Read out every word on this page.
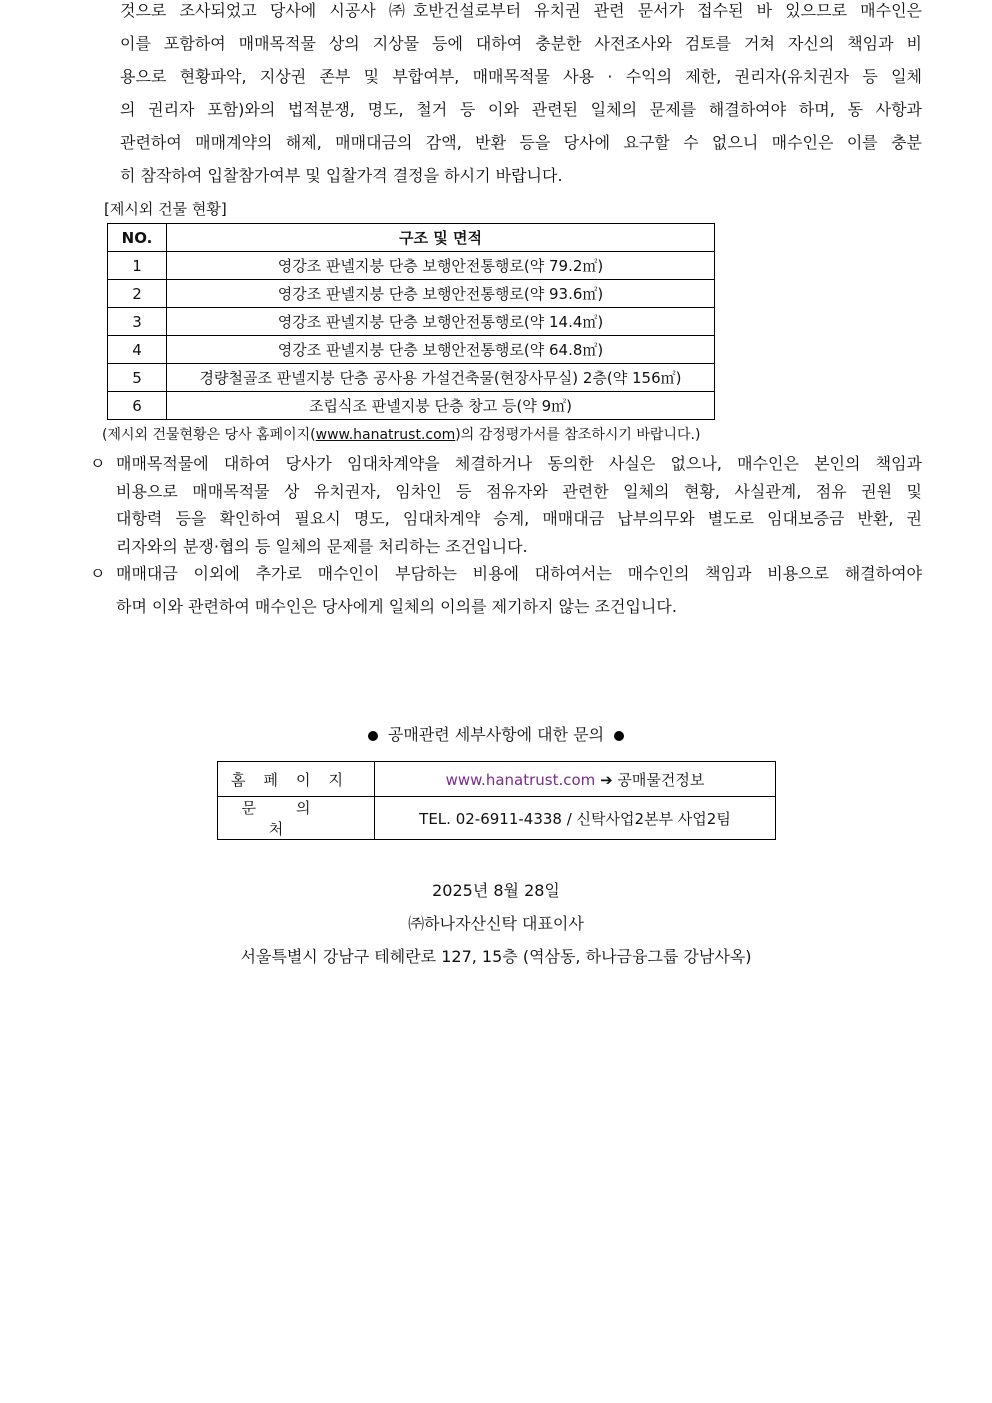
것으로 조사되었고 당사에 시공사 ㈜호반건설로부터 유치권 관련 문서가 접수된 바 있으므로 매수인은
이를 포함하여 매매목적물 상의 지상물 등에 대하여 충분한 사전조사와 검토를 거쳐 자신의 책임과 비
용으로 현황파악, 지상권 존부 및 부합여부, 매매목적물 사용 · 수익의 제한, 권리자(유치권자 등 일체
의 권리자 포함)와의 법적분쟁, 명도, 철거 등 이와 관련된 일체의 문제를 해결하여야 하며, 동 사항과
관련하여 매매계약의 해제, 매매대금의 감액, 반환 등을 당사에 요구할 수 없으니 매수인은 이를 충분
히 참작하여 입찰참가여부 및 입찰가격 결정을 하시기 바랍니다.
[제시외 건물 현황]
NO.	구조 및 면적
1	영강조 판넬지붕 단층 보행안전통행로(약 79.2㎡)
2	영강조 판넬지붕 단층 보행안전통행로(약 93.6㎡)
3	영강조 판넬지붕 단층 보행안전통행로(약 14.4㎡)
4	영강조 판넬지붕 단층 보행안전통행로(약 64.8㎡)
5	경량철골조 판넬지붕 단층 공사용 가설건축물(현장사무실) 2층(약 156㎡)
6	조립식조 판넬지붕 단층 창고 등(약 9㎡)
(제시외 건물현황은 당사 홈페이지(www.hanatrust.com)의 감정평가서를 참조하시기 바랍니다.)
ㅇ 매매목적물에 대하여 당사가 임대차계약을 체결하거나 동의한 사실은 없으나, 매수인은 본인의 책임과
비용으로 매매목적물 상 유치권자, 임차인 등 점유자와 관련한 일체의 현황, 사실관계, 점유 권원 및
대항력 등을 확인하여 필요시 명도, 임대차계약 승계, 매매대금 납부의무와 별도로 임대보증금 반환, 권
리자와의 분쟁·협의 등 일체의 문제를 처리하는 조건입니다.
ㅇ 매매대금 이외에 추가로 매수인이 부담하는 비용에 대하여서는 매수인의 책임과 비용으로 해결하여야
하며 이와 관련하여 매수인은 당사에게 일체의 이의를 제기하지 않는 조건입니다.
공매관련 세부사항에 대한 문의
홈페이지	www.hanatrust.com ➔ 공매물건정보
문의처	TEL. 02-6911-4338 / 신탁사업2본부 사업2팀
2025년 8월 28일
㈜하나자산신탁 대표이사
서울특별시 강남구 테헤란로 127, 15층 (역삼동, 하나금융그룹 강남사옥)
